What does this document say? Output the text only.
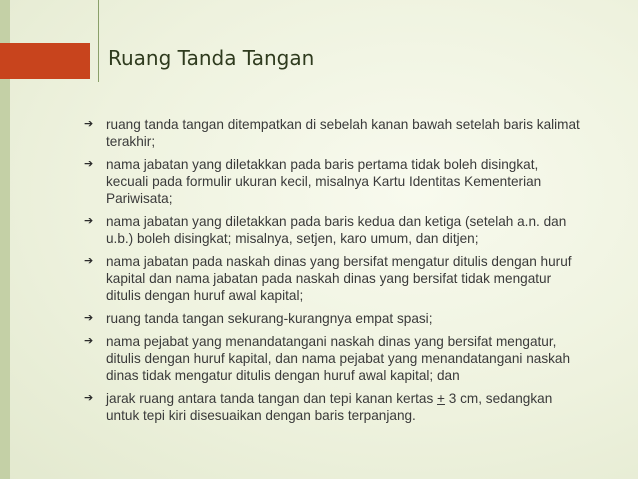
Ruang Tanda Tangan
➔ ruang tanda tangan ditempatkan di sebelah kanan bawah setelah baris kalimat terakhir;
➔ nama jabatan yang diletakkan pada baris pertama tidak boleh disingkat, kecuali pada formulir ukuran kecil, misalnya Kartu Identitas Kementerian Pariwisata;
➔ nama jabatan yang diletakkan pada baris kedua dan ketiga (setelah a.n. dan u.b.) boleh disingkat; misalnya, setjen, karo umum, dan ditjen;
➔ nama jabatan pada naskah dinas yang bersifat mengatur ditulis dengan huruf kapital dan nama jabatan pada naskah dinas yang bersifat tidak mengatur ditulis dengan huruf awal kapital;
➔ ruang tanda tangan sekurang-kurangnya empat spasi;
➔ nama pejabat yang menandatangani naskah dinas yang bersifat mengatur, ditulis dengan huruf kapital, dan nama pejabat yang menandatangani naskah dinas tidak mengatur ditulis dengan huruf awal kapital; dan
➔ jarak ruang antara tanda tangan dan tepi kanan kertas + 3 cm, sedangkan untuk tepi kiri disesuaikan dengan baris terpanjang.
